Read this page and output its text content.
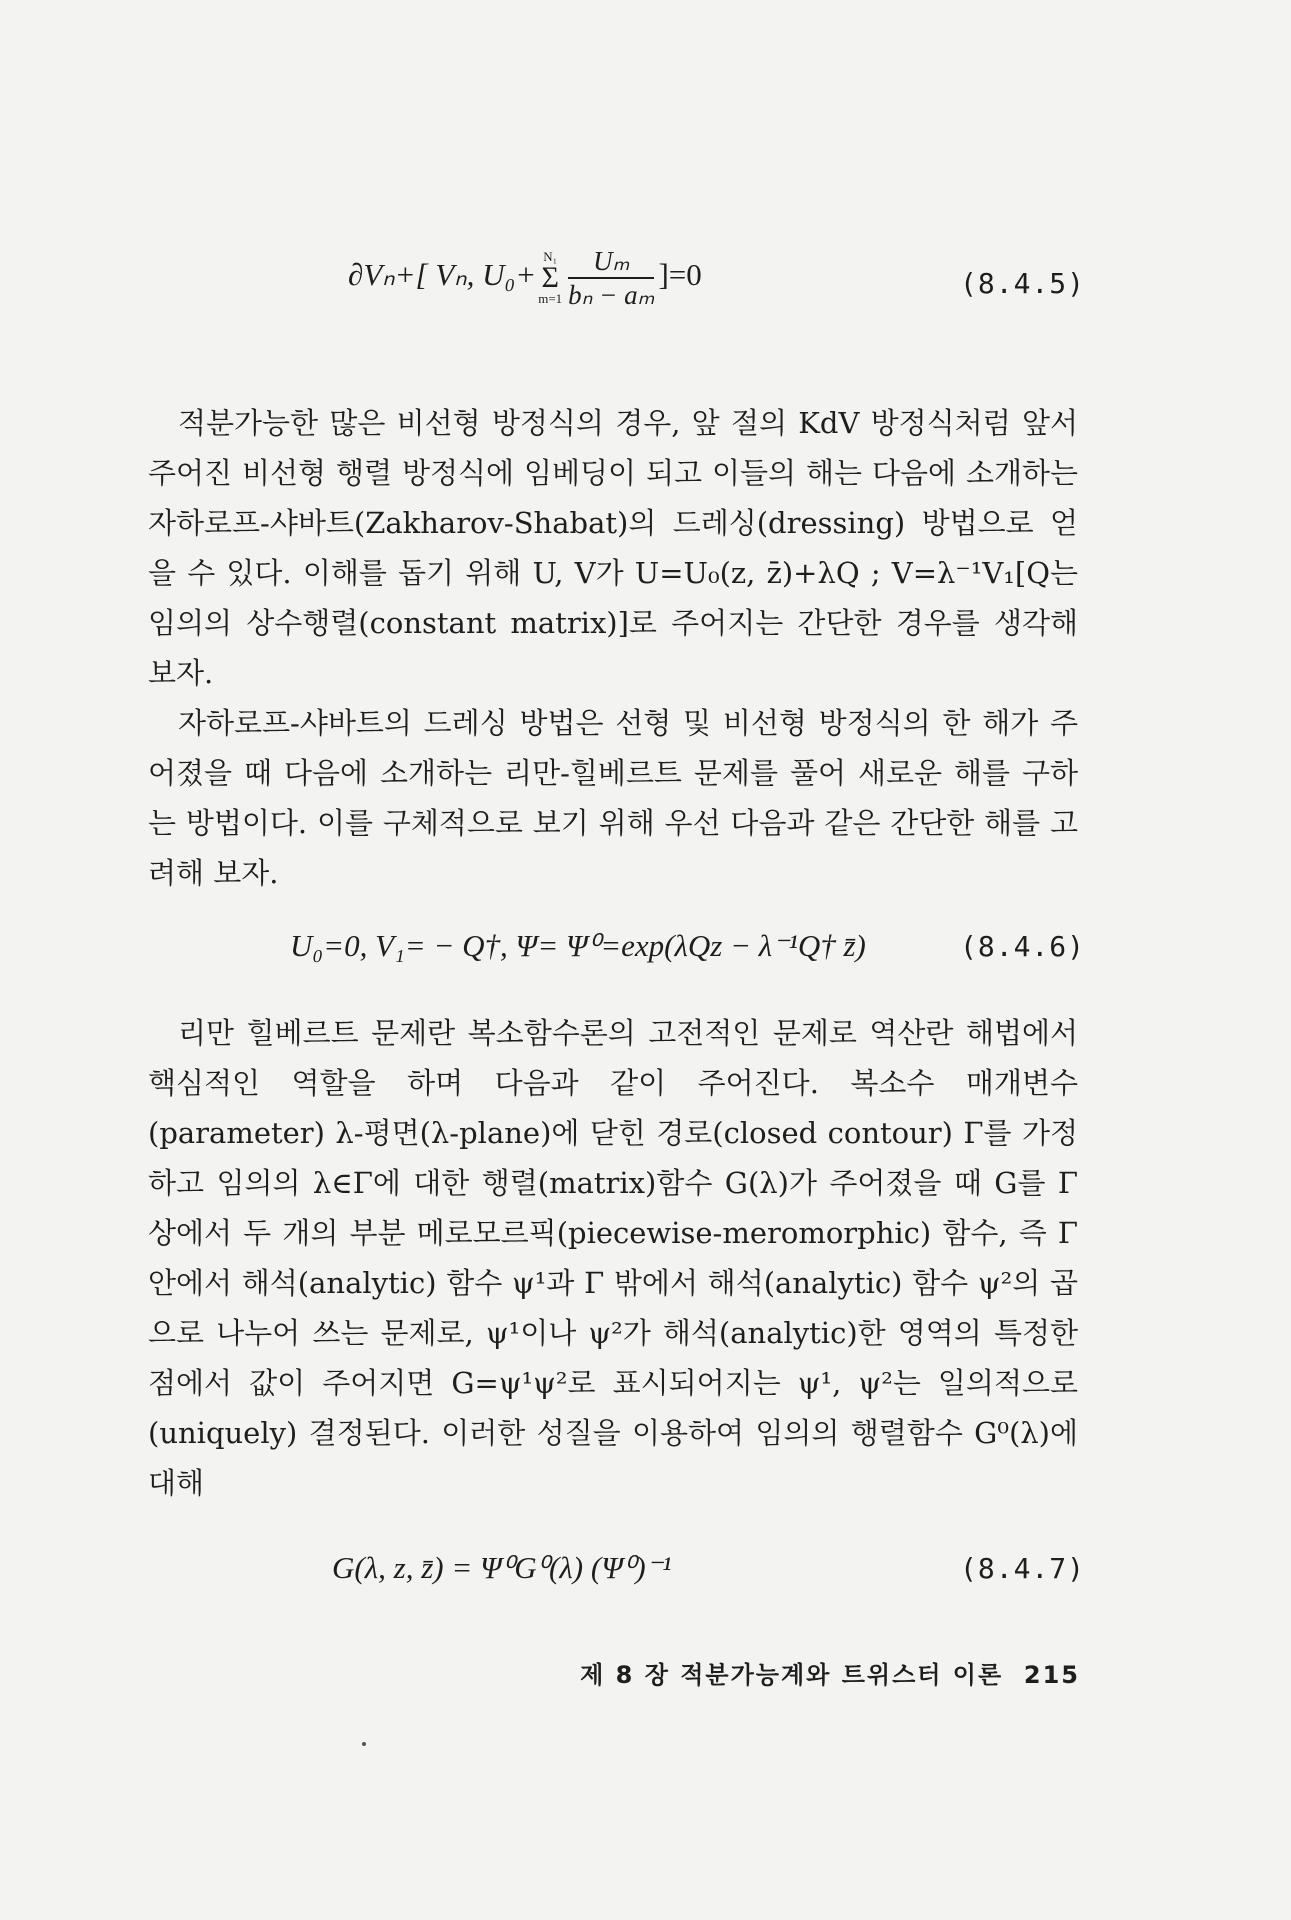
∂Vₙ+[ Vₙ, U₀+N₁
Σ
$m=1 \frac{\text{Uₘ}}{\text{bₙ − aₘ}} ]=0$	(8.4.5)

적분가능한 많은 비선형 방정식의 경우, 앞 절의 KdV 방정식처럼 앞서 주어진 비선형 행렬 방정식에 임베딩이 되고 이들의 해는 다음에 소개하는 자하로프-샤바트(Zakharov-Shabat)의 드레싱(dressing) 방법으로 얻을 수 있다. 이해를 돕기 위해 U, V가 U=U₀(z, z̄)+λQ ; V=λ⁻¹V₁[Q는 임의의 상수행렬(constant matrix)]로 주어지는 간단한 경우를 생각해 보자.

자하로프-샤바트의 드레싱 방법은 선형 및 비선형 방정식의 한 해가 주어졌을 때 다음에 소개하는 리만-힐베르트 문제를 풀어 새로운 해를 구하는 방법이다. 이를 구체적으로 보기 위해 우선 다음과 같은 간단한 해를 고려해 보자.

U₀=0, V₁= − Q†, Ψ= Ψ⁰=exp(λQz − λ⁻¹Q† z̄)	(8.4.6)

리만 힐베르트 문제란 복소함수론의 고전적인 문제로 역산란 해법에서 핵심적인 역할을 하며 다음과 같이 주어진다. 복소수 매개변수(parameter) λ-평면(λ-plane)에 닫힌 경로(closed contour) Γ를 가정하고 임의의 λ∈Γ에 대한 행렬(matrix)함수 G(λ)가 주어졌을 때 G를 Γ 상에서 두 개의 부분 메로모르픽(piecewise-meromorphic) 함수, 즉 Γ 안에서 해석(analytic) 함수 ψ¹과 Γ 밖에서 해석(analytic) 함수 ψ²의 곱으로 나누어 쓰는 문제로, ψ¹이나 ψ²가 해석(analytic)한 영역의 특정한 점에서 값이 주어지면 G=ψ¹ψ²로 표시되어지는 ψ¹, ψ²는 일의적으로(uniquely) 결정된다. 이러한 성질을 이용하여 임의의 행렬함수 G⁰(λ)에 대해

G(λ, z, z̄) = Ψ⁰G⁰(λ) (Ψ⁰)⁻¹	(8.4.7)
제 8 장 적분가능계와 트위스터 이론 215
